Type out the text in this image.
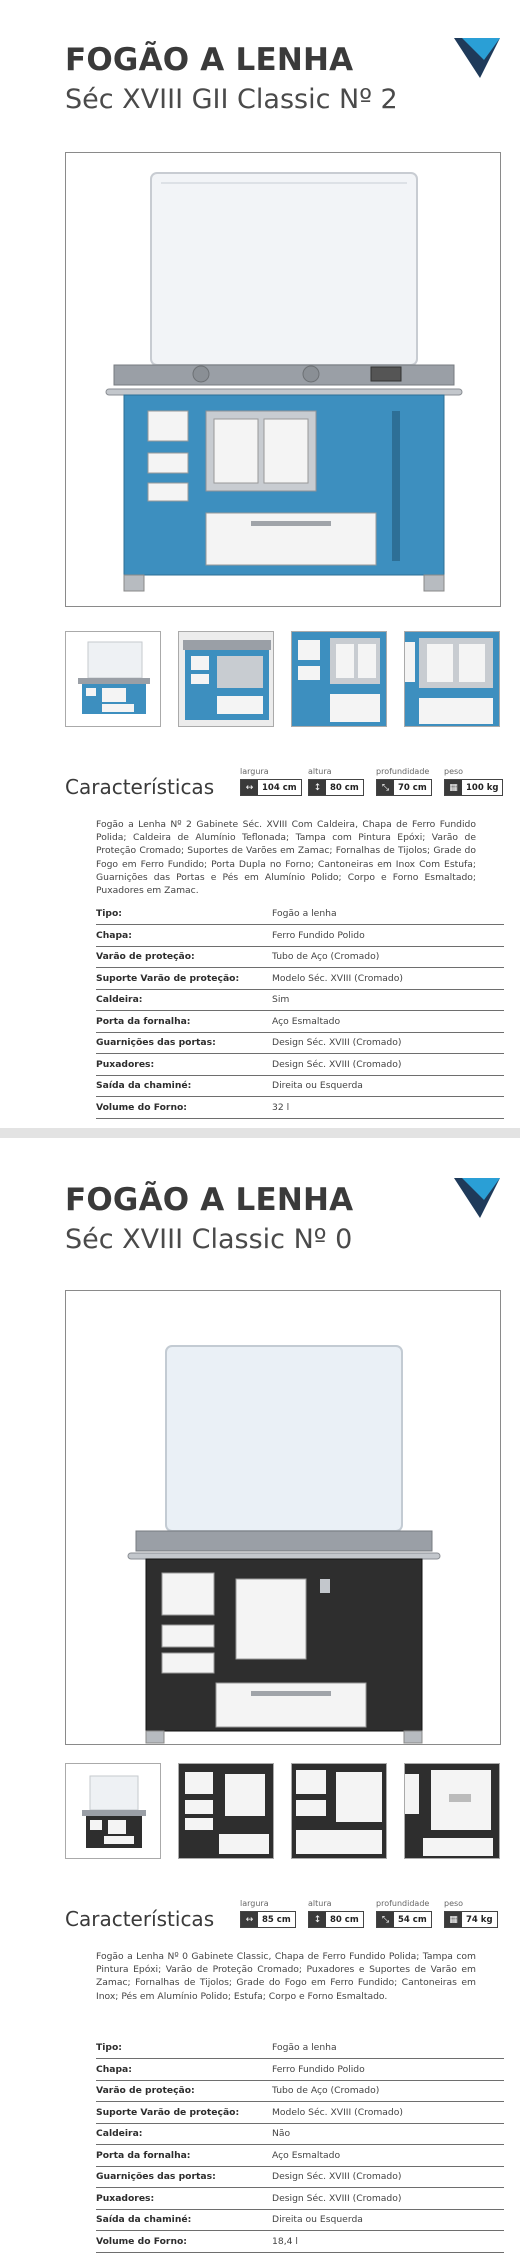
FOGÃO A LENHA
Séc XVIII GII Classic Nº 2
Características
largura
↔	104 cm
altura
↕	80 cm
profundidade
⤡	70 cm
peso
▦ 100 kg
Fogão a Lenha Nº 2 Gabinete Séc. XVIII Com Caldeira, Chapa de Ferro Fundido Polida; Caldeira de Alumínio Teflonada; Tampa com Pintura Epóxi; Varão de Proteção Cromado; Suportes de Varões em Zamac; Fornalhas de Tijolos; Grade do Fogo em Ferro Fundido; Porta Dupla no Forno; Cantoneiras em Inox Com Estufa; Guarnições das Portas e Pés em Alumínio Polido; Corpo e Forno Esmaltado; Puxadores em Zamac.
Tipo:	Fogão a lenha
Chapa:	Ferro Fundido Polido
Varão de proteção:	Tubo de Aço (Cromado)
Suporte Varão de proteção:	Modelo Séc. XVIII (Cromado)
Caldeira:	Sim
Porta da fornalha:	Aço Esmaltado
Guarnições das portas:	Design Séc. XVIII (Cromado)
Puxadores:	Design Séc. XVIII (Cromado)
Saída da chaminé:	Direita ou Esquerda
Volume do Forno:	32 l
FOGÃO A LENHA
Séc XVIII Classic Nº 0
Características
largura
↔	85 cm
altura
↕	80 cm
profundidade
⤡	54 cm
peso
▦ 74 kg
Fogão a Lenha Nº 0 Gabinete Classic, Chapa de Ferro Fundido Polida; Tampa com Pintura Epóxi; Varão de Proteção Cromado; Puxadores e Suportes de Varão em Zamac; Fornalhas de Tijolos; Grade do Fogo em Ferro Fundido; Cantoneiras em Inox; Pés em Alumínio Polido; Estufa; Corpo e Forno Esmaltado.
Tipo:	Fogão a lenha
Chapa:	Ferro Fundido Polido
Varão de proteção:	Tubo de Aço (Cromado)
Suporte Varão de proteção:	Modelo Séc. XVIII (Cromado)
Caldeira:	Não
Porta da fornalha:	Aço Esmaltado
Guarnições das portas:	Design Séc. XVIII (Cromado)
Puxadores:	Design Séc. XVIII (Cromado)
Saída da chaminé:	Direita ou Esquerda
Volume do Forno:	18,4 l
